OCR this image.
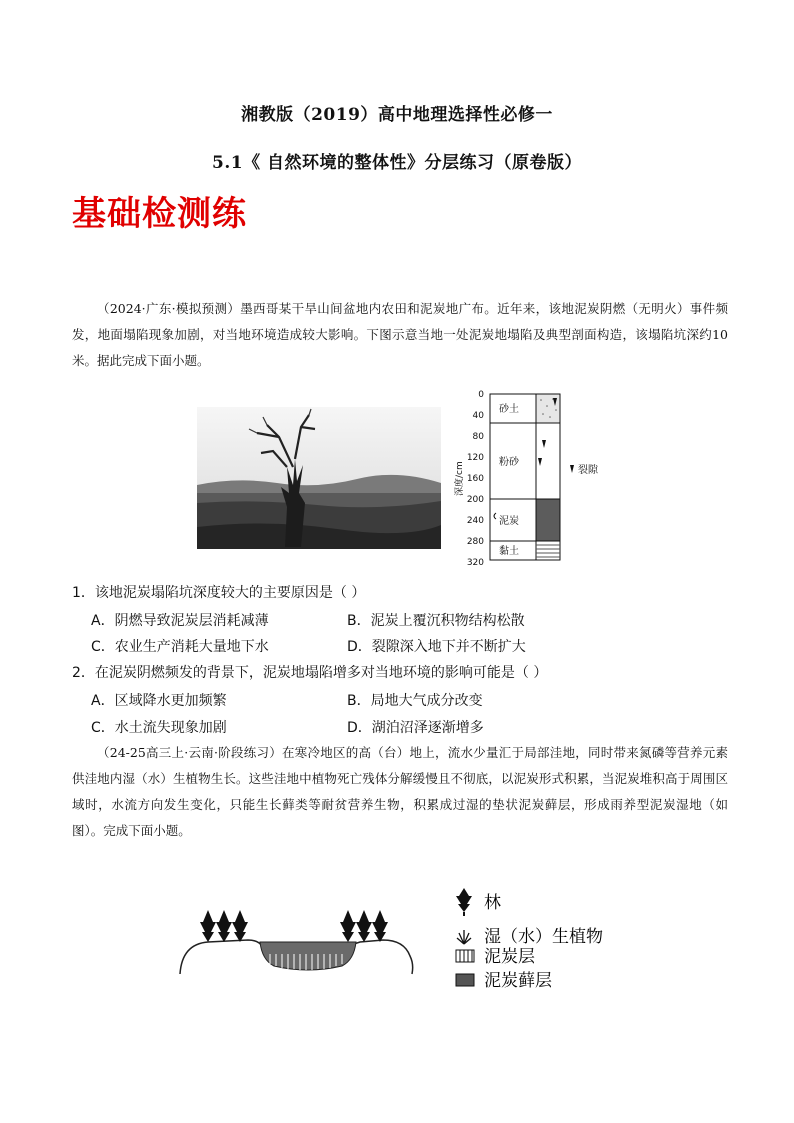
湘教版（2019）高中地理选择性必修一
5.1《 自然环境的整体性》分层练习（原卷版）
基础检测练
（2024·广东·模拟预测）墨西哥某干旱山间盆地内农田和泥炭地广布。近年来，该地泥炭阴燃（无明火）事件频发，地面塌陷现象加剧，对当地环境造成较大影响。下图示意当地一处泥炭地塌陷及典型剖面构造，该塌陷坑深约10米。据此完成下面小题。
0
40
80
120
160
200
240
280
320
深度/cm
砂土
粉砂
泥炭
黏土
裂隙
1．该地泥炭塌陷坑深度较大的主要原因是（ ）
A．阴燃导致泥炭层消耗减薄	B．泥炭上覆沉积物结构松散
C．农业生产消耗大量地下水	D．裂隙深入地下并不断扩大
2．在泥炭阴燃频发的背景下，泥炭地塌陷增多对当地环境的影响可能是（ ）
A．区域降水更加频繁	B．局地大气成分改变
C．水土流失现象加剧	D．湖泊沼泽逐渐增多
（24-25高三上·云南·阶段练习）在寒冷地区的高（台）地上，流水少量汇于局部洼地，同时带来氮磷等营养元素供洼地内湿（水）生植物生长。这些洼地中植物死亡残体分解缓慢且不彻底，以泥炭形式积累，当泥炭堆积高于周围区域时，水流方向发生变化，只能生长藓类等耐贫营养生物，积累成过湿的垫状泥炭藓层，形成雨养型泥炭湿地（如图）。完成下面小题。
林
湿（水）生植物
泥炭层
泥炭藓层
